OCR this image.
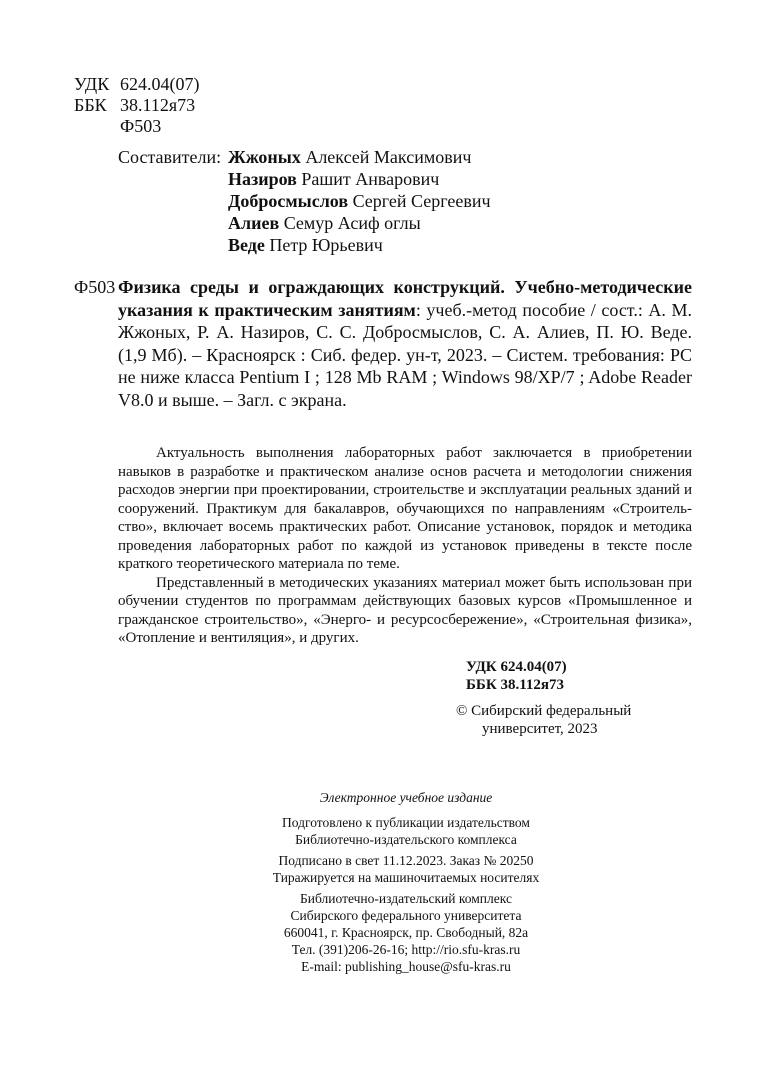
УДК 624.04(07)
ББК 38.112я73
Ф503
Составители: Жжоных Алексей Максимович
Назиров Рашит Анварович
Добросмыслов Сергей Сергеевич
Алиев Семур Асиф оглы
Веде Петр Юрьевич
Ф503 Физика среды и ограждающих конструкций. Учебно-методические указания к практическим занятиям: учеб.-метод пособие / сост.: А. М. Жжоных, Р. А. Назиров, С. С. Добросмыслов, С. А. Алиев, П. Ю. Веде. (1,9 Мб). – Красноярск : Сиб. федер. ун-т, 2023. – Систем. требования: PC не ниже класса Pentium I ; 128 Mb RAM ; Windows 98/XP/7 ; Adobe Reader V8.0 и выше. – Загл. с экрана.

Актуальность выполнения лабораторных работ заключается в приобретении навыков в разработке и практическом анализе основ расчета и методологии снижения расходов энергии при проектировании, строительстве и эксплуатации реальных зданий и сооружений. Практикум для бакалавров, обучающихся по направлениям «Строительство», включает восемь практических работ. Описание установок, порядок и методика проведения лабораторных работ по каждой из установок приведены в тексте после краткого теоретического материала по теме.

Представленный в методических указаниях материал может быть использован при обучении студентов по программам действующих базовых курсов «Промышленное и гражданское строительство», «Энерго- и ресурсосбережение», «Строительная физика», «Отопление и вентиляция», и других.

УДК 624.04(07)
ББК 38.112я73
© Сибирский федеральный
университет, 2023
Электронное учебное издание
Подготовлено к публикации издательством
Библиотечно-издательского комплекса
Подписано в свет 11.12.2023. Заказ № 20250
Тиражируется на машиночитаемых носителях
Библиотечно-издательский комплекс
Сибирского федерального университета
660041, г. Красноярск, пр. Свободный, 82а
Тел. (391)206-26-16; http://rio.sfu-kras.ru
E-mail: publishing_house@sfu-kras.ru
